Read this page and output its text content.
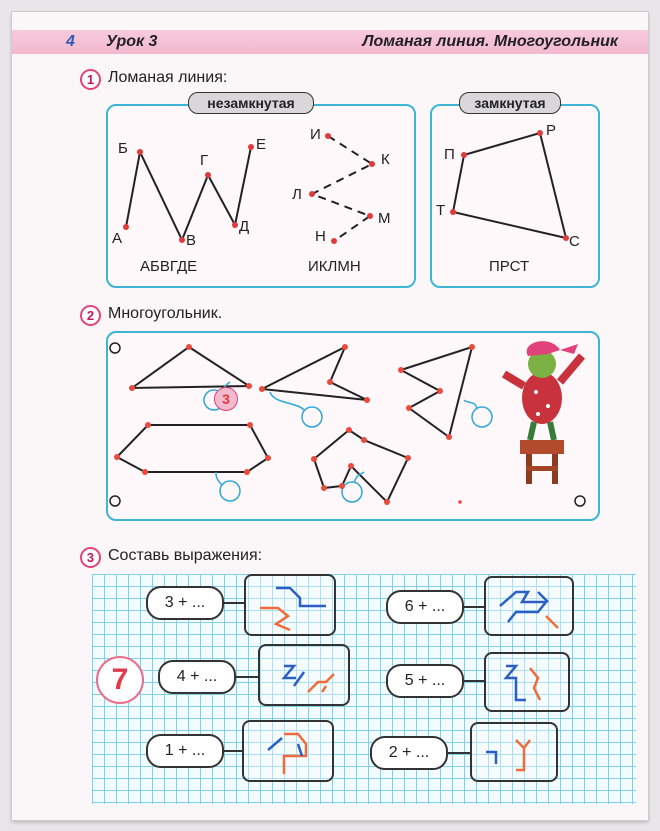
4 Урок 3	Ломаная линия. Многоугольник
1 Ломаная линия:
незамкнутая	замкнутая
А
Б
В
Г
Д
Е
АБВГДЕ
И
К
Л
М
Н
ИКЛМН
П
Р
С
Т
ПРСТ
2 Многоугольник.
3
3 Составь выражения:
7
3 + ...	6 + ...
4 + ...	5 + ...
1 + ...	2 + ...
